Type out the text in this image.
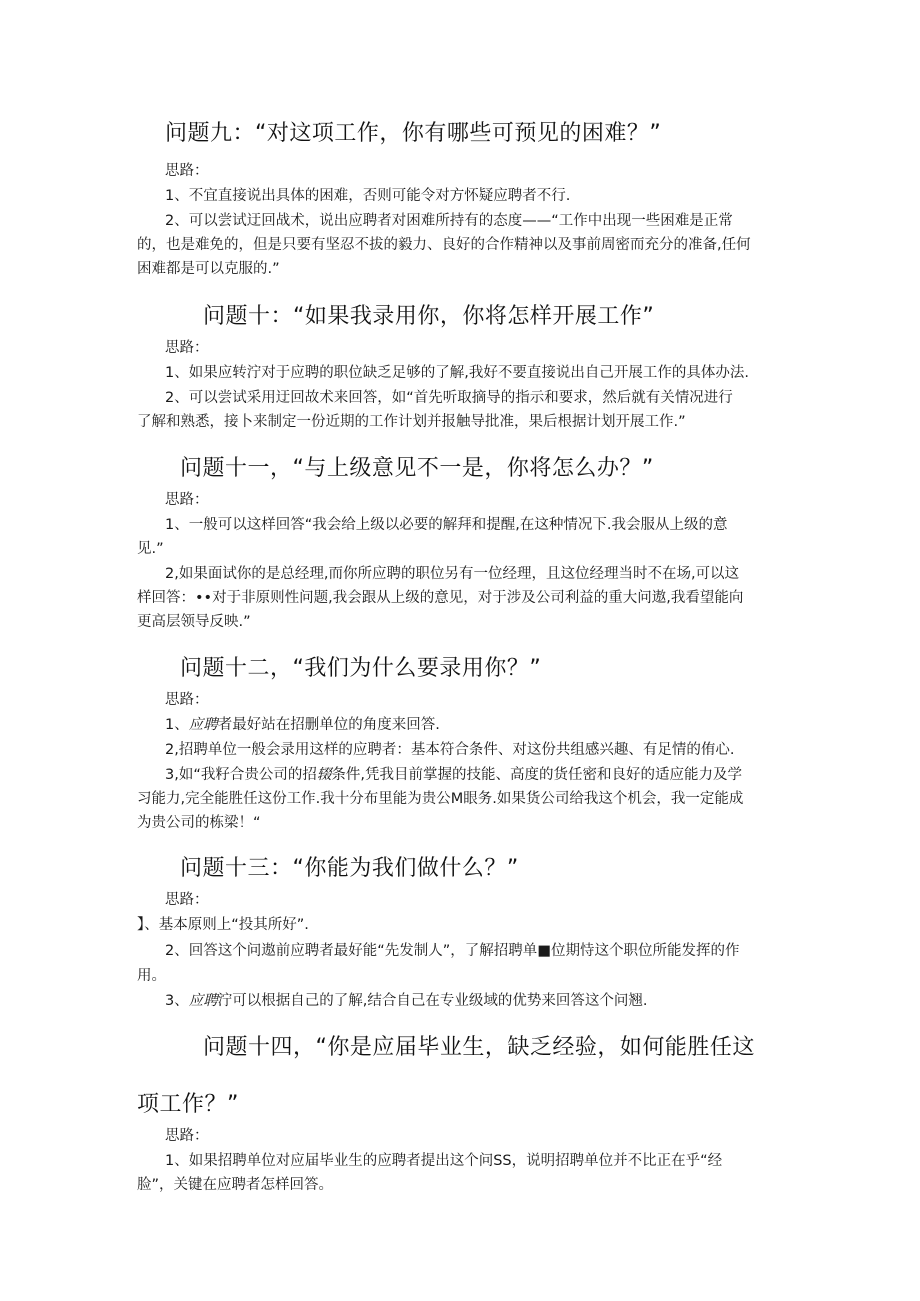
问题九：“对这项工作，你有哪些可预见的困难？”
思路：
1、不宜直接说出具体的困难，否则可能令对方怀疑应聘者不行.
2、可以尝试迂回战术，说出应聘者对困难所持有的态度——“工作中出现一些困难是正常
的，也是难免的，但是只要有坚忍不拔的毅力、良好的合作精神以及事前周密而充分的准备,任何
困难都是可以克服的.”
问题十：“如果我录用你，你将怎样开展工作”
思路：
1、如果应转泞对于应聘的职位缺乏足够的了解,我好不要直接说出自己开展工作的具体办法.
2、可以尝试采用迂回故术来回答，如“首先听取摘导的指示和要求，然后就有关情况进行
了解和熟悉，接卜来制定一份近期的工作计划并报触导批准，果后根据计划开展工作.”
问题十一，“与上级意见不一是，你将怎么办？”
思路：
1、一般可以这样回答“我会给上级以必要的解拜和提醒,在这种情况下.我会服从上级的意
见.”
2,如果面试你的是总经理,而你所应聘的职位另有一位经理，且这位经理当时不在场,可以这
样回答：••对于非原则性问题,我会跟从上级的意见，对于涉及公司利益的重大问遨,我看望能向
更高层领导反映.”
问题十二，“我们为什么要录用你？”
思路：
1、应聘者最好站在招删单位的角度来回答.
2,招聘单位一般会录用这样的应聘者：基本符合条件、对这份共组感兴趣、有足情的侑心.
3,如“我籽合贵公司的招辍条件,凭我目前掌握的技能、高度的货任密和良好的适应能力及学
习能力,完全能胜任这份工作.我十分布里能为贵公M眼务.如果货公司给我这个机会，我一定能成
为贵公司的栋梁！“
问题十三：“你能为我们做什么？”
思路：
】、基本原则上“投其所好”.
2、回答这个问遨前应聘者最好能“先发制人”，了解招聘单■位期恃这个职位所能发挥的作
用。
3、应聘泞可以根据自己的了解,结合自己在专业级域的优势来回答这个问翘.
问题十四，“你是应届毕业生，缺乏经验，如何能胜任这
项工作？”
思路：
1、如果招聘单位对应届毕业生的应聘者提出这个问SS，说明招聘单位并不比正在乎“经
脸”，关键在应聘者怎样回答。
